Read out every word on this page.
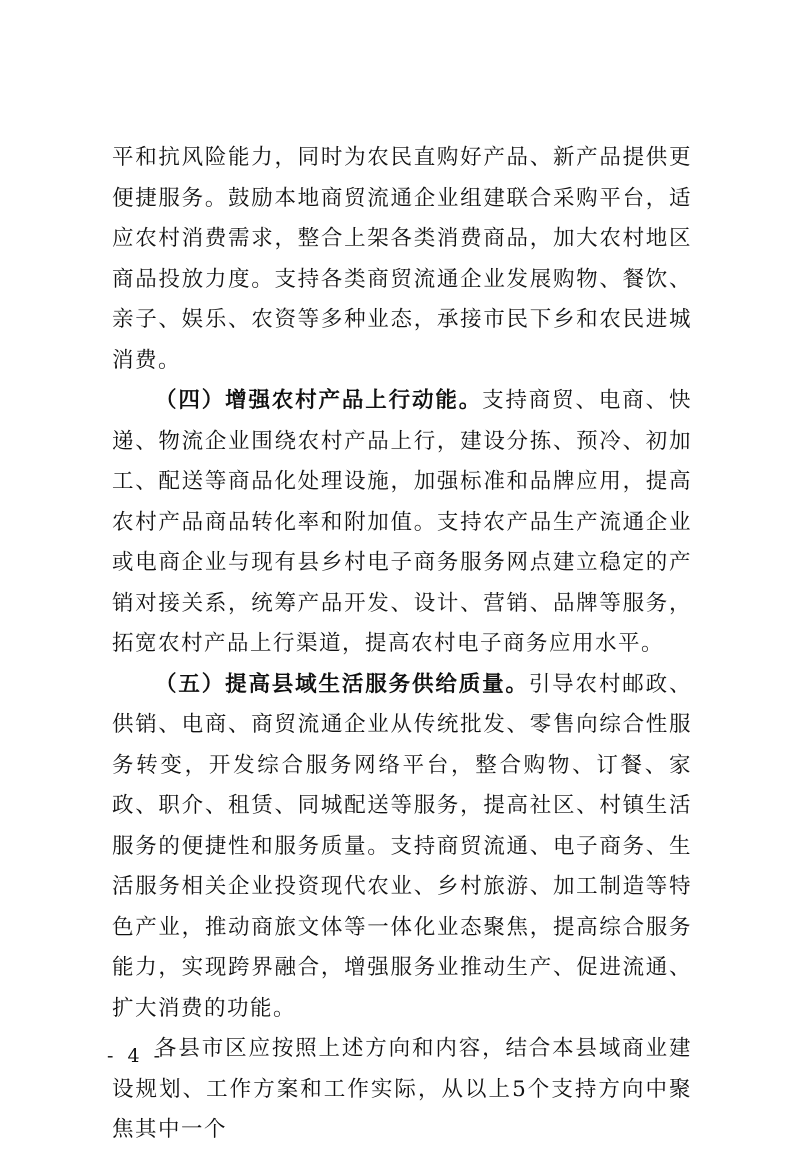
平和抗风险能力，同时为农民直购好产品、新产品提供更便捷服务。鼓励本地商贸流通企业组建联合采购平台，适应农村消费需求，整合上架各类消费商品，加大农村地区商品投放力度。支持各类商贸流通企业发展购物、餐饮、亲子、娱乐、农资等多种业态，承接市民下乡和农民进城消费。

（四）增强农村产品上行动能。支持商贸、电商、快递、物流企业围绕农村产品上行，建设分拣、预冷、初加工、配送等商品化处理设施，加强标准和品牌应用，提高农村产品商品转化率和附加值。支持农产品生产流通企业或电商企业与现有县乡村电子商务服务网点建立稳定的产销对接关系，统筹产品开发、设计、营销、品牌等服务，拓宽农村产品上行渠道，提高农村电子商务应用水平。

（五）提高县域生活服务供给质量。引导农村邮政、供销、电商、商贸流通企业从传统批发、零售向综合性服务转变，开发综合服务网络平台，整合购物、订餐、家政、职介、租赁、同城配送等服务，提高社区、村镇生活服务的便捷性和服务质量。支持商贸流通、电子商务、生活服务相关企业投资现代农业、乡村旅游、加工制造等特色产业，推动商旅文体等一体化业态聚焦，提高综合服务能力，实现跨界融合，增强服务业推动生产、促进流通、扩大消费的功能。

各县市区应按照上述方向和内容，结合本县域商业建设规划、工作方案和工作实际，从以上5个支持方向中聚焦其中一个

- 4 -
